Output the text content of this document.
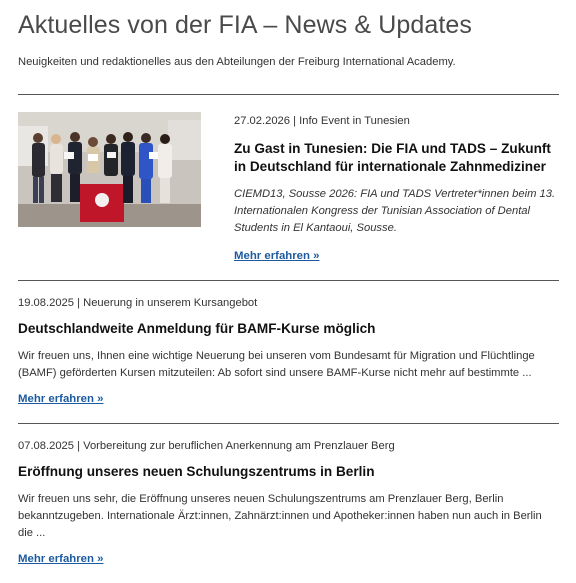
Aktuelles von der FIA – News & Updates

Neuigkeiten und redaktionelles aus den Abteilungen der Freiburg International Academy.

27.02.2026 | Info Event in Tunesien
Zu Gast in Tunesien: Die FIA und TADS – Zukunft in Deutschland für internationale Zahnmediziner

CIEMD13, Sousse 2026: FIA und TADS Vertreter*innen beim 13. Internationalen Kongress der Tunisian Association of Dental Students in El Kantaoui, Sousse.

Mehr erfahren »
19.08.2025 | Neuerung in unserem Kursangebot
Deutschlandweite Anmeldung für BAMF-Kurse möglich

Wir freuen uns, Ihnen eine wichtige Neuerung bei unseren vom Bundesamt für Migration und Flüchtlinge (BAMF) geförderten Kursen mitzuteilen: Ab sofort sind unsere BAMF-Kurse nicht mehr auf bestimmte ...

Mehr erfahren »
07.08.2025 | Vorbereitung zur beruflichen Anerkennung am Prenzlauer Berg
Eröffnung unseres neuen Schulungszentrums in Berlin

Wir freuen uns sehr, die Eröffnung unseres neuen Schulungszentrums am Prenzlauer Berg, Berlin bekanntzugeben. Internationale Ärzt:innen, Zahnärzt:innen und Apotheker:innen haben nun auch in Berlin die ...

Mehr erfahren »
